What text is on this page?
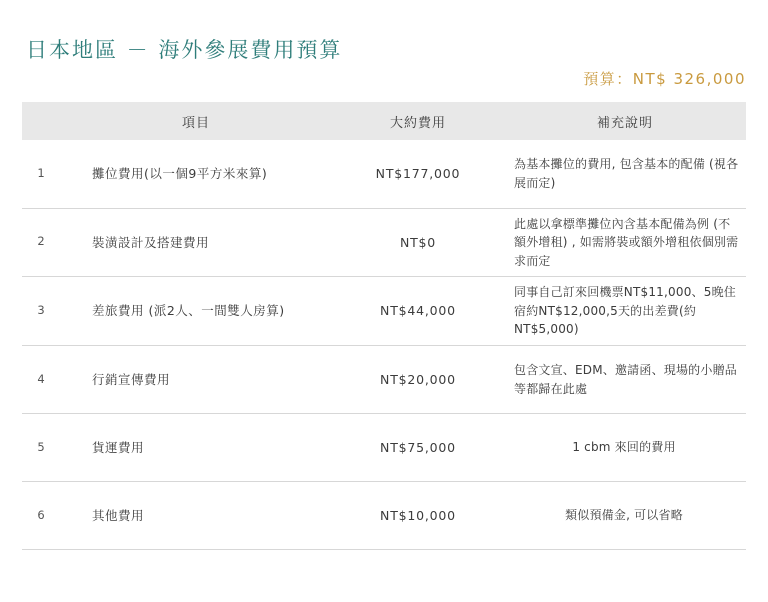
日本地區 － 海外參展費用預算
預算：NT$ 326,000
	項目	大約費用	補充說明
1	攤位費用(以一個9平方米來算)	NT$177,000	為基本攤位的費用, 包含基本的配備 (視各展而定)
2	裝潢設計及搭建費用	NT$0	此處以拿標準攤位內含基本配備為例 (不額外增租) , 如需將裝或額外增租依個別需求而定
3	差旅費用 (派2人、一間雙人房算)	NT$44,000	同事自己訂來回機票NT$11,000、5晚住宿約NT$12,000,5天的出差費(約NT$5,000)
4	行銷宣傳費用	NT$20,000	包含文宣、EDM、邀請函、現場的小贈品等都歸在此處
5	貨運費用	NT$75,000	1 cbm 來回的費用
6	其他費用	NT$10,000	類似預備金, 可以省略
